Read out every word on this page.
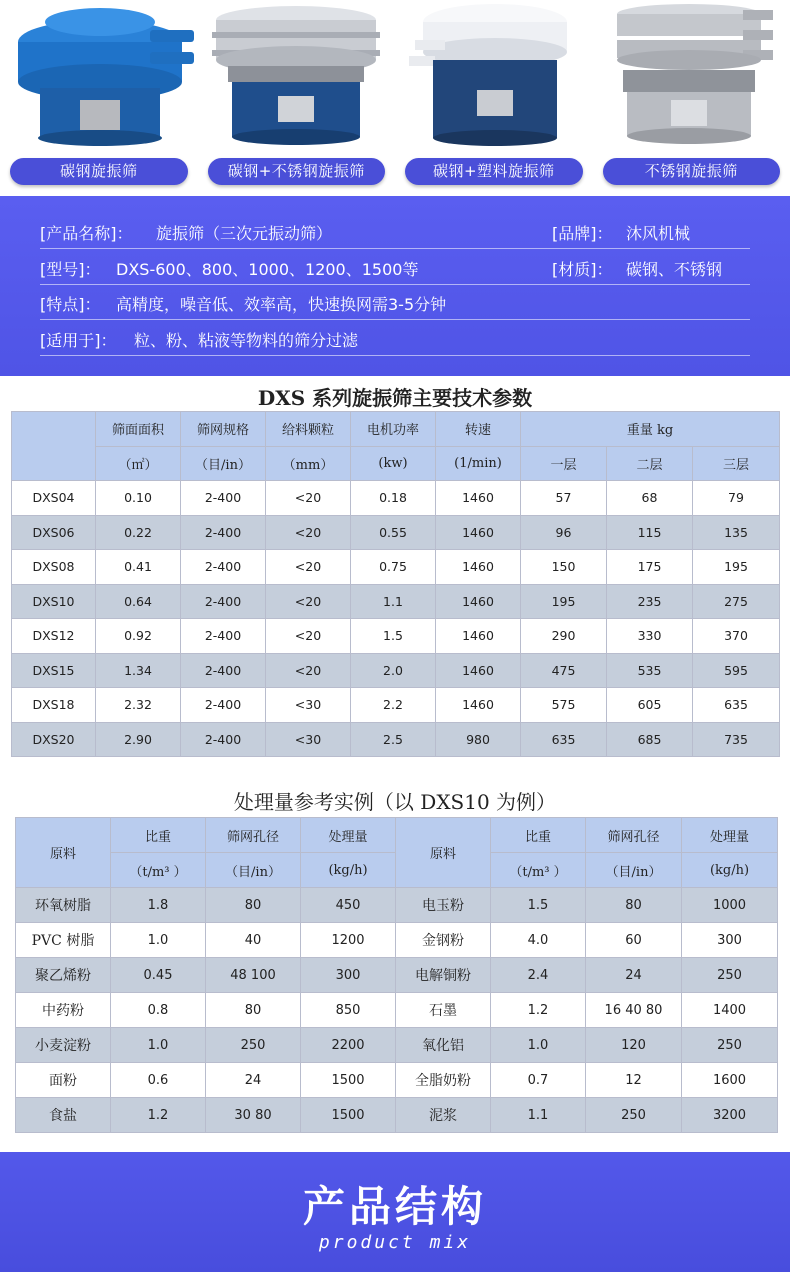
碳钢旋振筛	碳钢+不锈钢旋振筛	碳钢+塑料旋振筛	不锈钢旋振筛
[产品名称]： 旋振筛（三次元振动筛）	[品牌]： 沐风机械
[型号]： DXS-600、800、1000、1200、1500等	[材质]： 碳钢、不锈钢
[特点]： 高精度，噪音低、效率高，快速换网需3-5分钟
[适用于]： 粒、粉、粘液等物料的筛分过滤
DXS 系列旋振筛主要技术参数
	筛面面积	筛网规格	给料颗粒	电机功率	转速	重量 kg		
	（㎡）	（目/in）	（mm）	(kw)	(1/min)	一层	二层	三层
DXS04	0.10	2-400	<20	0.18	1460	57	68	79
DXS06	0.22	2-400	<20	0.55	1460	96	115	135
DXS08	0.41	2-400	<20	0.75	1460	150	175	195
DXS10	0.64	2-400	<20	1.1	1460	195	235	275
DXS12	0.92	2-400	<20	1.5	1460	290	330	370
DXS15	1.34	2-400	<20	2.0	1460	475	535	595
DXS18	2.32	2-400	<30	2.2	1460	575	605	635
DXS20	2.90	2-400	<30	2.5	980	635	685	735
处理量参考实例（以 DXS10 为例）
原料	比重	筛网孔径	处理量	原料	比重	筛网孔径	处理量
	（t/m³ ）	（目/in）	(kg/h)		（t/m³ ）	（目/in）	(kg/h)
环氧树脂	1.8	80	450	电玉粉	1.5	80	1000
PVC 树脂	1.0	40	1200	金钢粉	4.0	60	300
聚乙烯粉	0.45	48 100	300	电解铜粉	2.4	24	250
中药粉	0.8	80	850	石墨	1.2	16 40 80	1400
小麦淀粉	1.0	250	2200	氧化铝	1.0	120	250
面粉	0.6	24	1500	全脂奶粉	0.7	12	1600
食盐	1.2	30 80	1500	泥浆	1.1	250	3200
产品结构
product mix
